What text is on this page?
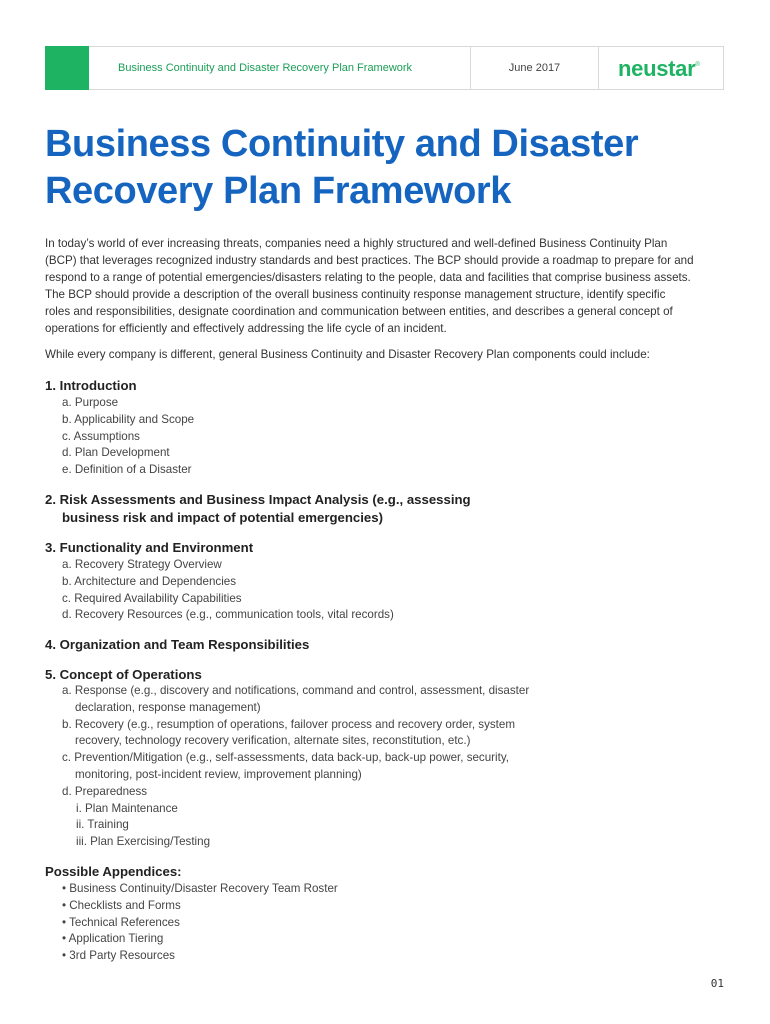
Business Continuity and Disaster Recovery Plan Framework	June 2017	neustar®
Business Continuity and Disaster
Recovery Plan Framework
In today’s world of ever increasing threats, companies need a highly structured and well-defined Business Continuity Plan
(BCP) that leverages recognized industry standards and best practices. The BCP should provide a roadmap to prepare for and
respond to a range of potential emergencies/disasters relating to the people, data and facilities that comprise business assets.
The BCP should provide a description of the overall business continuity response management structure, identify specific
roles and responsibilities, designate coordination and communication between entities, and describes a general concept of
operations for efficiently and effectively addressing the life cycle of an incident.
While every company is different, general Business Continuity and Disaster Recovery Plan components could include:
1. Introduction
a. Purpose
b. Applicability and Scope
c. Assumptions
d. Plan Development
e. Definition of a Disaster
2. Risk Assessments and Business Impact Analysis (e.g., assessing
business risk and impact of potential emergencies)
3. Functionality and Environment
a. Recovery Strategy Overview
b. Architecture and Dependencies
c. Required Availability Capabilities
d. Recovery Resources (e.g., communication tools, vital records)
4. Organization and Team Responsibilities
5. Concept of Operations
a. Response (e.g., discovery and notifications, command and control, assessment, disaster
declaration, response management)
b. Recovery (e.g., resumption of operations, failover process and recovery order, system
recovery, technology recovery verification, alternate sites, reconstitution, etc.)
c. Prevention/Mitigation (e.g., self-assessments, data back-up, back-up power, security,
monitoring, post-incident review, improvement planning)
d. Preparedness
i. Plan Maintenance
ii. Training
iii. Plan Exercising/Testing
Possible Appendices:
• Business Continuity/Disaster Recovery Team Roster
• Checklists and Forms
• Technical References
• Application Tiering
• 3rd Party Resources
01
